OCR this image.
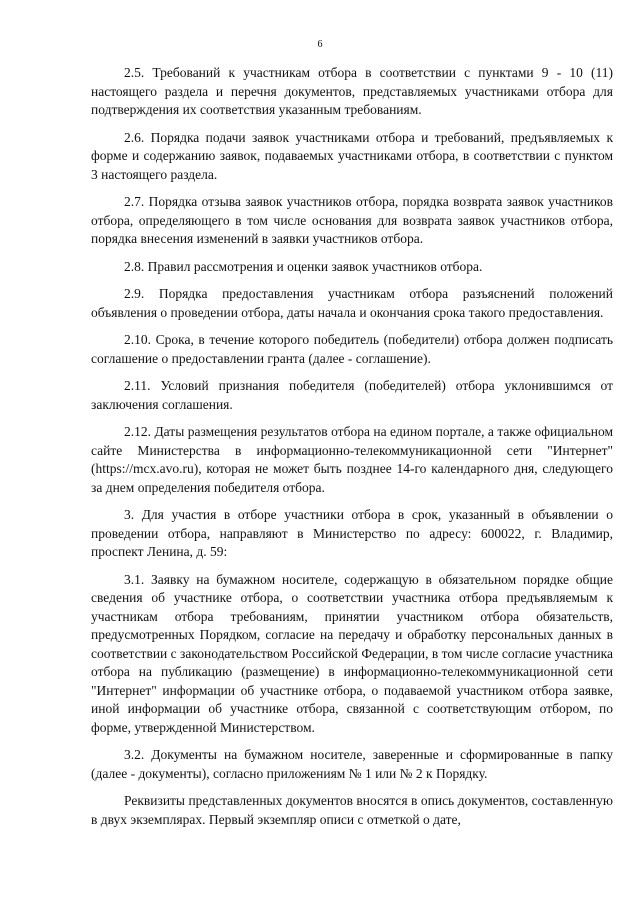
6

2.5. Требований к участникам отбора в соответствии с пунктами 9 - 10 (11) настоящего раздела и перечня документов, представляемых участниками отбора для подтверждения их соответствия указанным требованиям.

2.6. Порядка подачи заявок участниками отбора и требований, предъявляемых к форме и содержанию заявок, подаваемых участниками отбора, в соответствии с пунктом 3 настоящего раздела.

2.7. Порядка отзыва заявок участников отбора, порядка возврата заявок участников отбора, определяющего в том числе основания для возврата заявок участников отбора, порядка внесения изменений в заявки участников отбора.

2.8. Правил рассмотрения и оценки заявок участников отбора.

2.9. Порядка предоставления участникам отбора разъяснений положений объявления о проведении отбора, даты начала и окончания срока такого предоставления.

2.10. Срока, в течение которого победитель (победители) отбора должен подписать соглашение о предоставлении гранта (далее - соглашение).

2.11. Условий признания победителя (победителей) отбора уклонившимся от заключения соглашения.

2.12. Даты размещения результатов отбора на едином портале, а также официальном сайте Министерства в информационно-телекоммуникационной сети "Интернет" (https://mcx.avo.ru), которая не может быть позднее 14-го календарного дня, следующего за днем определения победителя отбора.

3. Для участия в отборе участники отбора в срок, указанный в объявлении о проведении отбора, направляют в Министерство по адресу: 600022, г. Владимир, проспект Ленина, д. 59:

3.1. Заявку на бумажном носителе, содержащую в обязательном порядке общие сведения об участнике отбора, о соответствии участника отбора предъявляемым к участникам отбора требованиям, принятии участником отбора обязательств, предусмотренных Порядком, согласие на передачу и обработку персональных данных в соответствии с законодательством Российской Федерации, в том числе согласие участника отбора на публикацию (размещение) в информационно-телекоммуникационной сети "Интернет" информации об участнике отбора, о подаваемой участником отбора заявке, иной информации об участнике отбора, связанной с соответствующим отбором, по форме, утвержденной Министерством.

3.2. Документы на бумажном носителе, заверенные и сформированные в папку (далее - документы), согласно приложениям № 1 или № 2 к Порядку.

Реквизиты представленных документов вносятся в опись документов, составленную в двух экземплярах. Первый экземпляр описи с отметкой о дате,
